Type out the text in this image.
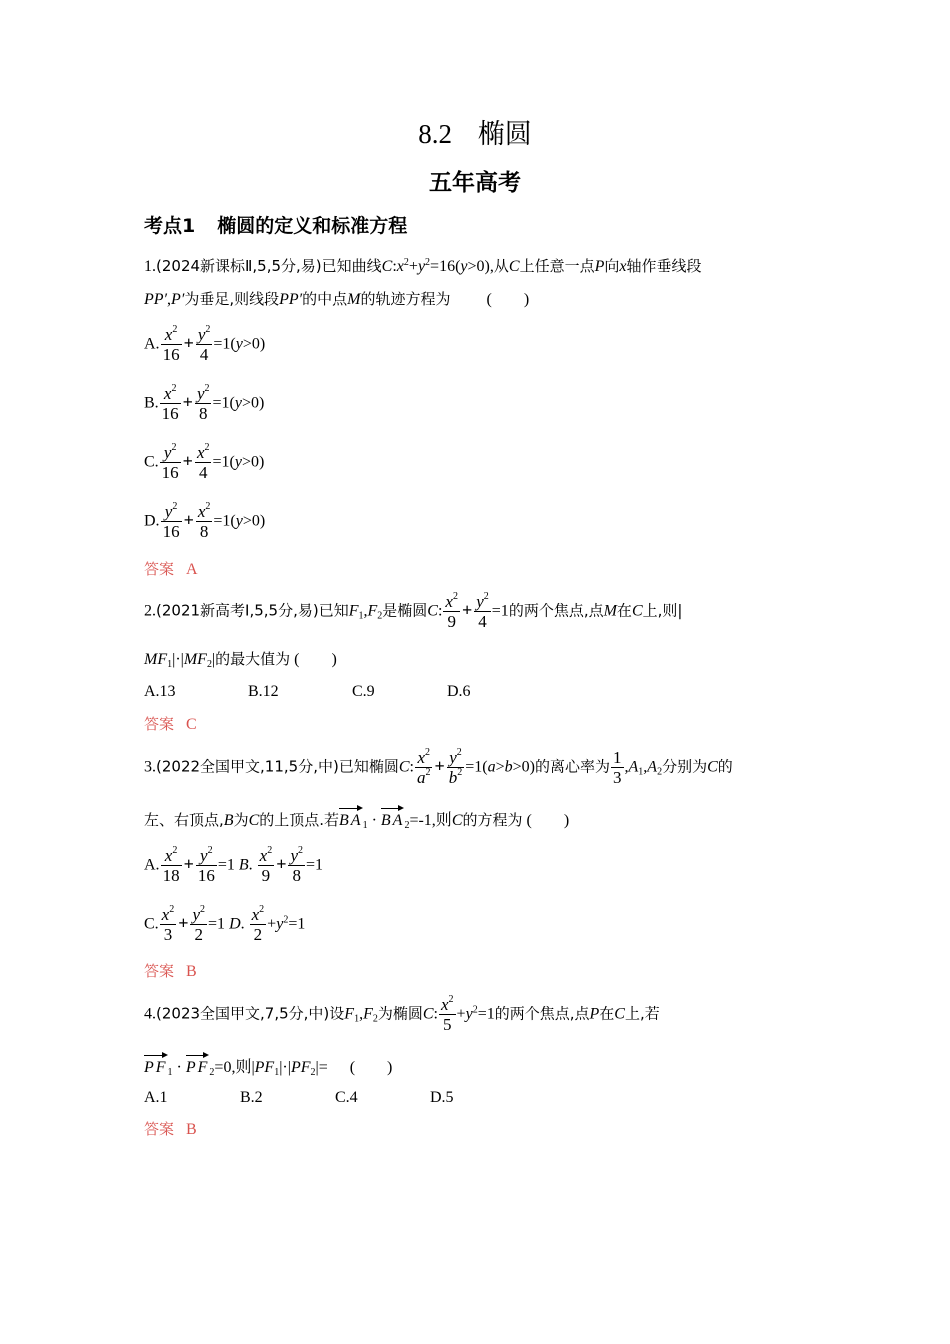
8.2 椭圆
五年高考
考点1 椭圆的定义和标准方程
1.(2024新课标Ⅱ,5,5分,易)已知曲线$C:x^2+y^2=16(y>0)$,从C上任意一点P向x轴作垂线段
PP′,P′为垂足,则线段PP′的中点M的轨迹方程为 (　　)
A. $\frac{x^2}{16} + \frac{y^2}{4} =1(y>0)$
B. $\frac{x^2}{16} + \frac{y^2}{8} =1(y>0)$
C. $\frac{y^2}{16} + \frac{x^2}{4} =1(y>0)$
D. $\frac{y^2}{16} + \frac{x^2}{8} =1(y>0)$
答案 A
2.(2021新高考Ⅰ,5,5分,易)已知$F_1,F_2$是椭圆C: $\frac{x^2}{9} + \frac{y^2}{4} =1$的两个焦点,点M在C上,则|
$MF_1|\cdot|MF_2|$的最大值为 (　　)
A.13	B.12	C.9	D.6
答案 C
3.(2022全国甲文,11,5分,中)已知椭圆C: $\frac{x^2}{a^2} + \frac{y^2}{b^2} =1(a>b>0)$的离心率为 $\frac{1}{3} ,A_1,A_2$分别为C的
左、右顶点,B为C的上顶点.若$BA_1 \cdot BA_2=-1$,则C的方程为 (　　)
A. $\frac{x^2}{18} + \frac{y^2}{16} =1$ B. $\frac{x^2}{9} + \frac{y^2}{8} =1$
C. $\frac{x^2}{3} + \frac{y^2}{2} =1$ D. $\frac{x^2}{2} +y^2=1$
答案 B
4.(2023全国甲文,7,5分,中)设$F_1,F_2$为椭圆C: $\frac{x^2}{5} +y^2=1$的两个焦点,点P在C上,若
$PF_1 \cdot PF_2=0$,则$|PF_1|\cdot|PF_2|=$ (　　)
A.1	B.2	C.4	D.5
答案 B
